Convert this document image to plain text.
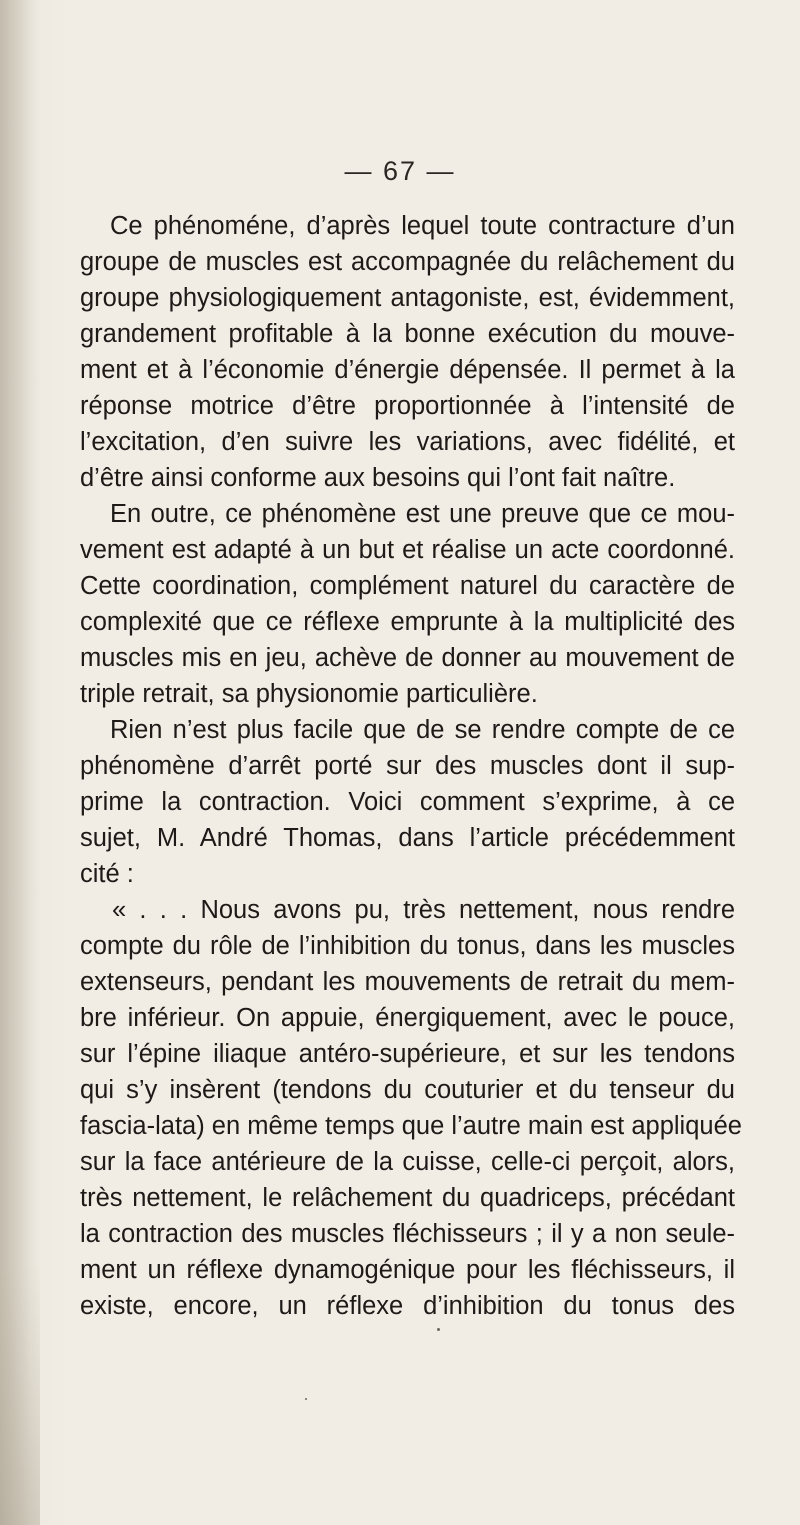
— 67 —
Ce phénoméne, d’après lequel toute contracture d’un
groupe de muscles est accompagnée du relâchement du
groupe physiologiquement antagoniste, est, évidemment,
grandement profitable à la bonne exécution du mouve-
ment et à l’économie d’énergie dépensée. Il permet à la
réponse motrice d’être proportionnée à l’intensité de
l’excitation, d’en suivre les variations, avec fidélité, et
d’être ainsi conforme aux besoins qui l’ont fait naître.
En outre, ce phénomène est une preuve que ce mou-
vement est adapté à un but et réalise un acte coordonné.
Cette coordination, complément naturel du caractère de
complexité que ce réflexe emprunte à la multiplicité des
muscles mis en jeu, achève de donner au mouvement de
triple retrait, sa physionomie particulière.
Rien n’est plus facile que de se rendre compte de ce
phénomène d’arrêt porté sur des muscles dont il sup-
prime la contraction. Voici comment s’exprime, à ce
sujet, M. André Thomas, dans l’article précédemment
cité :
« . . . Nous avons pu, très nettement, nous rendre
compte du rôle de l’inhibition du tonus, dans les muscles
extenseurs, pendant les mouvements de retrait du mem-
bre inférieur. On appuie, énergiquement, avec le pouce,
sur l’épine iliaque antéro-supérieure, et sur les tendons
qui s’y insèrent (tendons du couturier et du tenseur du
fascia-lata) en même temps que l’autre main est appliquée
sur la face antérieure de la cuisse, celle-ci perçoit, alors,
très nettement, le relâchement du quadriceps, précédant
la contraction des muscles fléchisseurs ; il y a non seule-
ment un réflexe dynamogénique pour les fléchisseurs, il
existe, encore, un réflexe d’inhibition du tonus des
